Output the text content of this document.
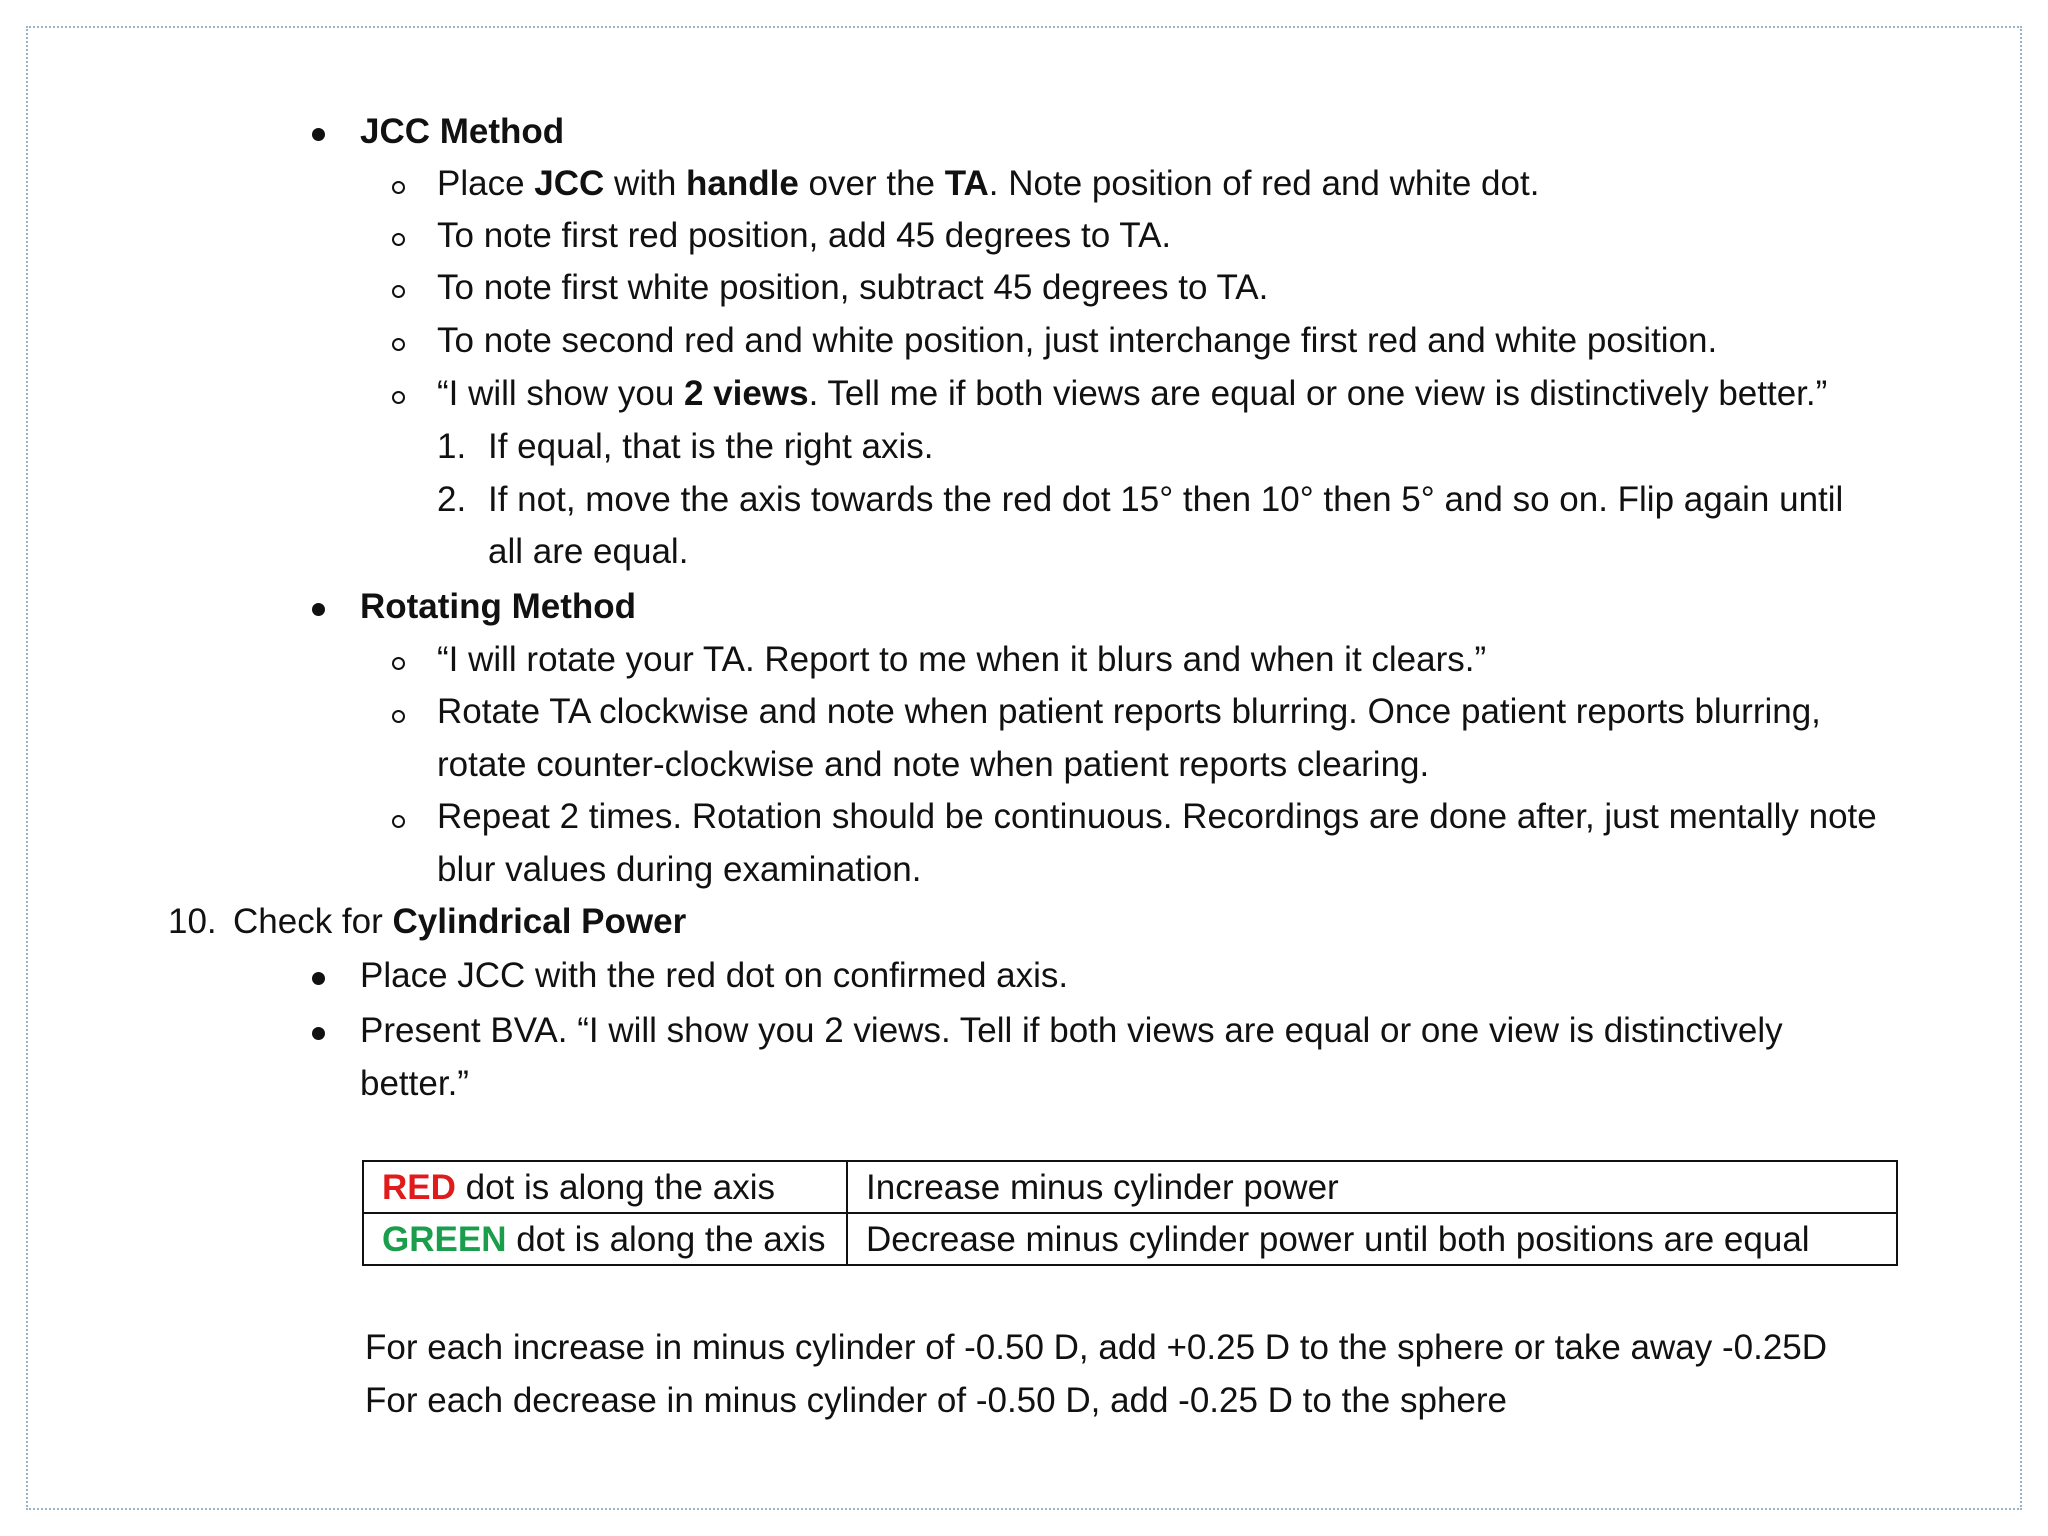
JCC Method
Place JCC with handle over the TA. Note position of red and white dot.
To note first red position, add 45 degrees to TA.
To note first white position, subtract 45 degrees to TA.
To note second red and white position, just interchange first red and white position.
“I will show you 2 views. Tell me if both views are equal or one view is distinctively better.”
1. If equal, that is the right axis.
2. If not, move the axis towards the red dot 15° then 10° then 5° and so on. Flip again until
all are equal.
Rotating Method
“I will rotate your TA. Report to me when it blurs and when it clears.”
Rotate TA clockwise and note when patient reports blurring. Once patient reports blurring,
rotate counter-clockwise and note when patient reports clearing.
Repeat 2 times. Rotation should be continuous. Recordings are done after, just mentally note
blur values during examination.
10. Check for Cylindrical Power
Place JCC with the red dot on confirmed axis.
Present BVA. “I will show you 2 views. Tell if both views are equal or one view is distinctively
better.”
RED dot is along the axis	Increase minus cylinder power
GREEN dot is along the axis	Decrease minus cylinder power until both positions are equal
For each increase in minus cylinder of -0.50 D, add +0.25 D to the sphere or take away -0.25D
For each decrease in minus cylinder of -0.50 D, add -0.25 D to the sphere
